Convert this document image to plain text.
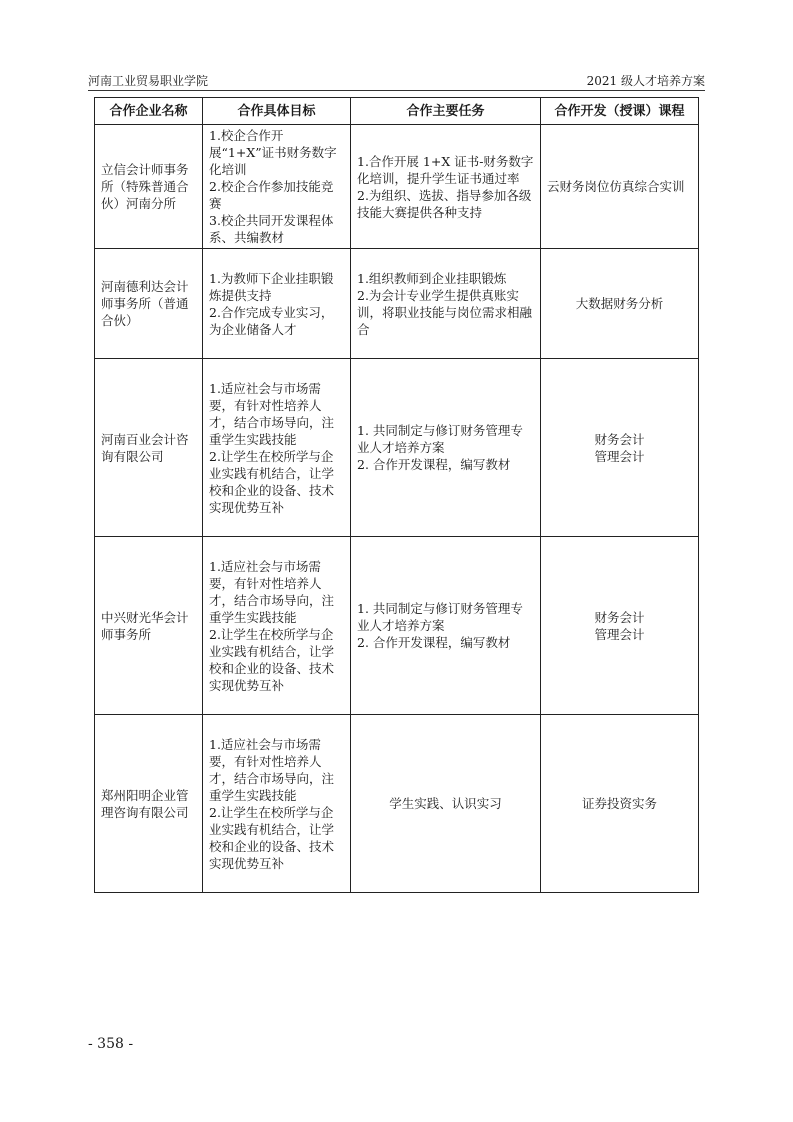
河南工业贸易职业学院	2021 级人才培养方案
合作企业名称	合作具体目标	合作主要任务	合作开发（授课）课程
立信会计师事务所（特殊普通合伙）河南分所	1.校企合作开展“1+X”证书财务数字化培训
2.校企合作参加技能竞赛
3.校企共同开发课程体系、共编教材	1.合作开展 1+X 证书-财务数字化培训，提升学生证书通过率
2.为组织、选拔、指导参加各级技能大赛提供各种支持	云财务岗位仿真综合实训

河南德利达会计师事务所（普通合伙）	1.为教师下企业挂职锻炼提供支持
2.合作完成专业实习，为企业储备人才	1.组织教师到企业挂职锻炼
2.为会计专业学生提供真账实训，将职业技能与岗位需求相融合	大数据财务分析

河南百业会计咨询有限公司	1.适应社会与市场需要，有针对性培养人才，结合市场导向，注重学生实践技能
2.让学生在校所学与企业实践有机结合，让学校和企业的设备、技术实现优势互补	1. 共同制定与修订财务管理专业人才培养方案
2. 合作开发课程，编写教材	财务会计
管理会计

中兴财光华会计师事务所	1.适应社会与市场需要，有针对性培养人才，结合市场导向，注重学生实践技能
2.让学生在校所学与企业实践有机结合，让学校和企业的设备、技术实现优势互补	1. 共同制定与修订财务管理专业人才培养方案
2. 合作开发课程，编写教材	财务会计
管理会计

郑州阳明企业管理咨询有限公司	1.适应社会与市场需要，有针对性培养人才，结合市场导向，注重学生实践技能
2.让学生在校所学与企业实践有机结合，让学校和企业的设备、技术实现优势互补	学生实践、认识实习	证券投资实务
- 358 -
